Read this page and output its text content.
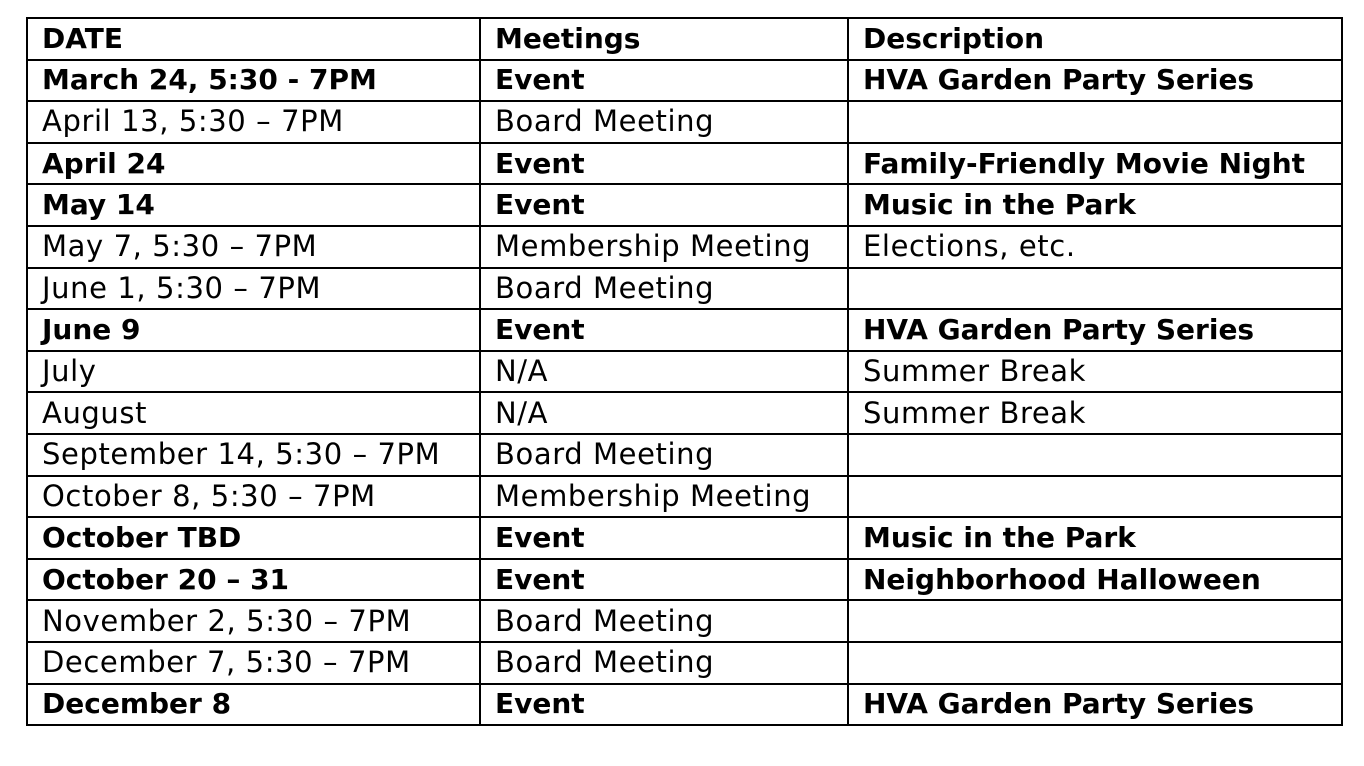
DATE	Meetings	Description
March 24, 5:30 - 7PM	Event	HVA Garden Party Series
April 13, 5:30 – 7PM	Board Meeting	
April 24	Event	Family-Friendly Movie Night
May 14	Event	Music in the Park
May 7, 5:30 – 7PM	Membership Meeting	Elections, etc.
June 1, 5:30 – 7PM	Board Meeting	
June 9	Event	HVA Garden Party Series
July	N/A	Summer Break
August	N/A	Summer Break
September 14, 5:30 – 7PM	Board Meeting	
October 8, 5:30 – 7PM	Membership Meeting	
October TBD	Event	Music in the Park
October 20 – 31	Event	Neighborhood Halloween
November 2, 5:30 – 7PM	Board Meeting	
December 7, 5:30 – 7PM	Board Meeting	
December 8	Event	HVA Garden Party Series
